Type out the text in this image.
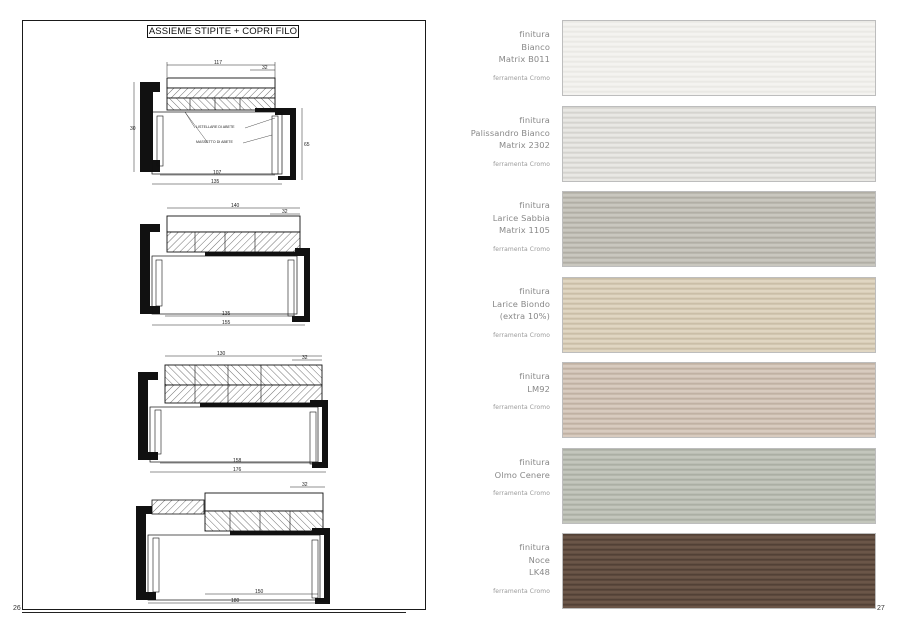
ASSIEME STIPITE + COPRI FILO
117
32
30
65
107
135
LISTELLARE DI ABETE
MASSETTO DI ABETE
140
32
135
155
130
32
158
176
32
150
180
26
finitura
Bianco
Matrix B011
ferramenta Cromo
finitura
Palissandro Bianco
Matrix 2302
ferramenta Cromo
finitura
Larice Sabbia
Matrix 1105
ferramenta Cromo
finitura
Larice Biondo
(extra 10%)
ferramenta Cromo
finitura
LM92
ferramenta Cromo
finitura
Olmo Cenere
ferramenta Cromo
finitura
Noce
LK48
ferramenta Cromo
27
